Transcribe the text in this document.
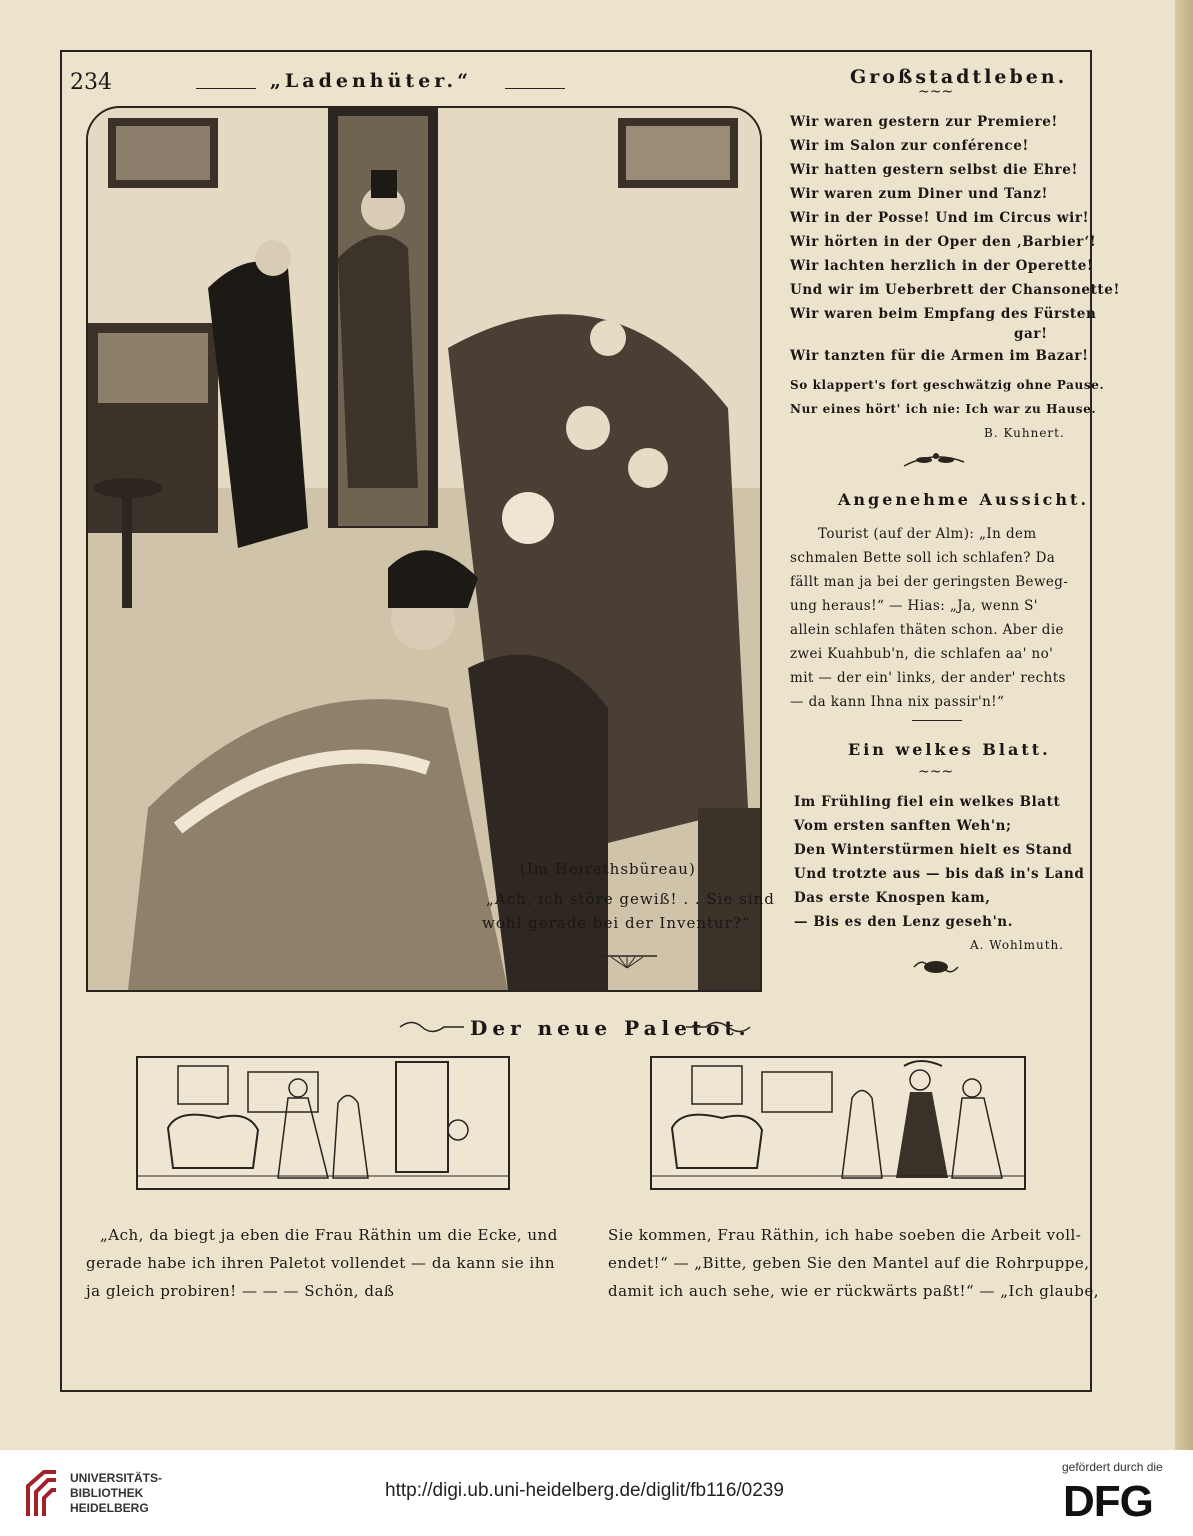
234	„Ladenhüter.“	Großstadtleben.
~~~
(Im Heirathsbüreau)
„Ach, ich störe gewiß! . . Sie sind
wohl gerade bei der Inventur?“
Wir waren gestern zur Premiere!
Wir im Salon zur conférence!
Wir hatten gestern selbst die Ehre!
Wir waren zum Diner und Tanz!
Wir in der Posse! Und im Circus wir!
Wir hörten in der Oper den ‚Barbier‘!
Wir lachten herzlich in der Operette!
Und wir im Ueberbrett der Chansonette!
Wir waren beim Empfang des Fürsten
gar!
Wir tanzten für die Armen im Bazar!
So klappert's fort geschwätzig ohne Pause.
Nur eines hört' ich nie: Ich war zu Hause.
B. Kuhnert.
Angenehme Aussicht.
Tourist (auf der Alm): „In dem
schmalen Bette soll ich schlafen? Da
fällt man ja bei der geringsten Beweg-
ung heraus!“ — Hias: „Ja, wenn S'
allein schlafen thäten schon. Aber die
zwei Kuahbub'n, die schlafen aa' no'
mit — der ein' links, der ander' rechts
— da kann Ihna nix passir'n!“
Ein welkes Blatt.
~~~
Im Frühling fiel ein welkes Blatt
Vom ersten sanften Weh'n;
Den Winterstürmen hielt es Stand
Und trotzte aus — bis daß in's Land
Das erste Knospen kam,
— Bis es den Lenz geseh'n.
A. Wohlmuth.
Der neue Paletot.
„Ach, da biegt ja eben die Frau Räthin um die Ecke, und
gerade habe ich ihren Paletot vollendet — da kann sie ihn
ja gleich probiren! — — — Schön, daß
Sie kommen, Frau Räthin, ich habe soeben die Arbeit voll-
endet!“ — „Bitte, geben Sie den Mantel auf die Rohrpuppe,
damit ich auch sehe, wie er rückwärts paßt!“ — „Ich glaube,
UNIVERSITÄTS-
BIBLIOTHEK
HEIDELBERG
http://digi.ub.uni-heidelberg.de/diglit/fb116/0239
gefördert durch die
DFG
